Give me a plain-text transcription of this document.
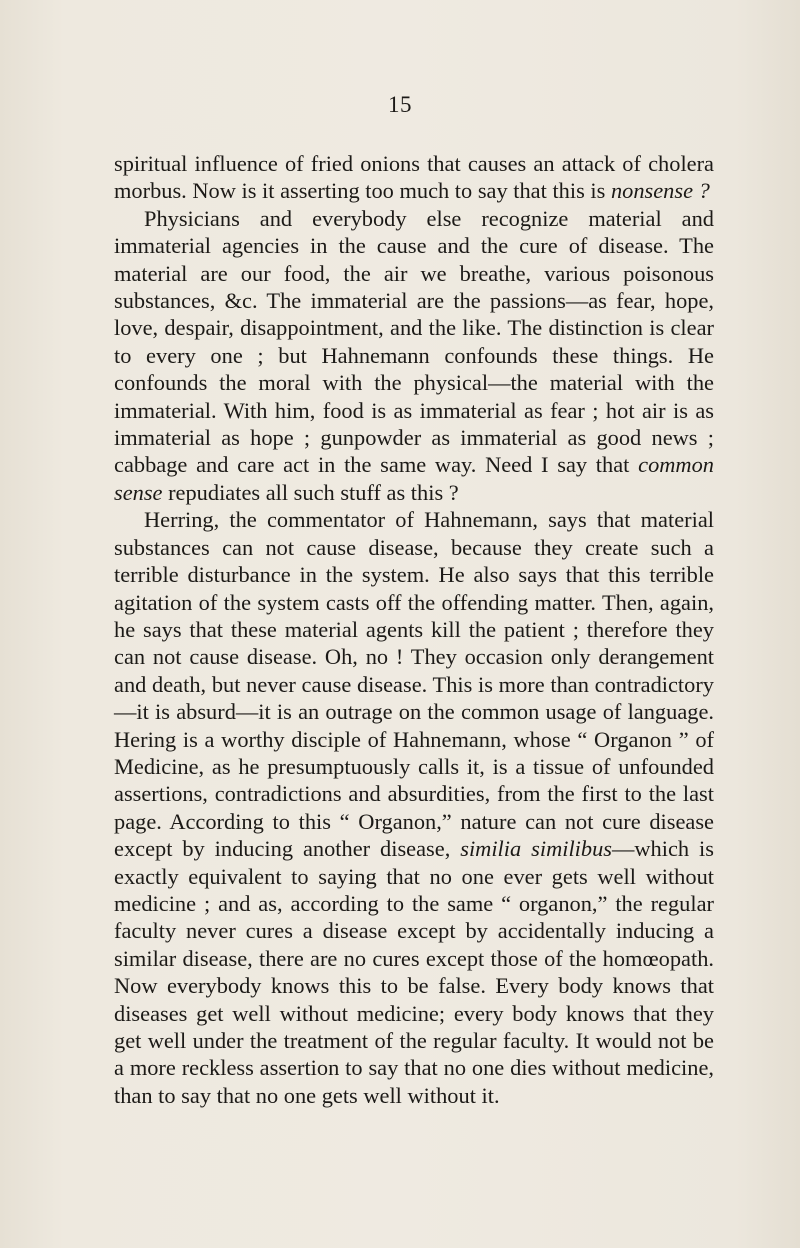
15

spiritual influence of fried onions that causes an attack of cholera morbus. Now is it asserting too much to say that this is nonsense ?

Physicians and everybody else recognize material and immaterial agencies in the cause and the cure of disease. The material are our food, the air we breathe, various poisonous substances, &c. The immaterial are the passions—as fear, hope, love, despair, disappointment, and the like. The distinction is clear to every one ; but Hahnemann confounds these things. He confounds the moral with the physical—the material with the immaterial. With him, food is as immaterial as fear ; hot air is as immaterial as hope ; gunpowder as immaterial as good news ; cabbage and care act in the same way. Need I say that common sense repudiates all such stuff as this ?

Herring, the commentator of Hahnemann, says that material substances can not cause disease, because they create such a terrible disturbance in the system. He also says that this terrible agitation of the system casts off the offending matter. Then, again, he says that these material agents kill the patient ; therefore they can not cause disease. Oh, no ! They occasion only derangement and death, but never cause disease. This is more than contradictory—it is absurd—it is an outrage on the common usage of language. Hering is a worthy disciple of Hahnemann, whose “ Organon ” of Medicine, as he presumptuously calls it, is a tissue of unfounded assertions, contradictions and absurdities, from the first to the last page. According to this “ Organon,” nature can not cure disease except by inducing another disease, similia similibus—which is exactly equivalent to saying that no one ever gets well without medicine ; and as, according to the same “ organon,” the regular faculty never cures a disease except by accidentally inducing a similar disease, there are no cures except those of the homœopath. Now everybody knows this to be false. Every body knows that diseases get well without medicine; every body knows that they get well under the treatment of the regular faculty. It would not be a more reckless assertion to say that no one dies without medicine, than to say that no one gets well without it.
